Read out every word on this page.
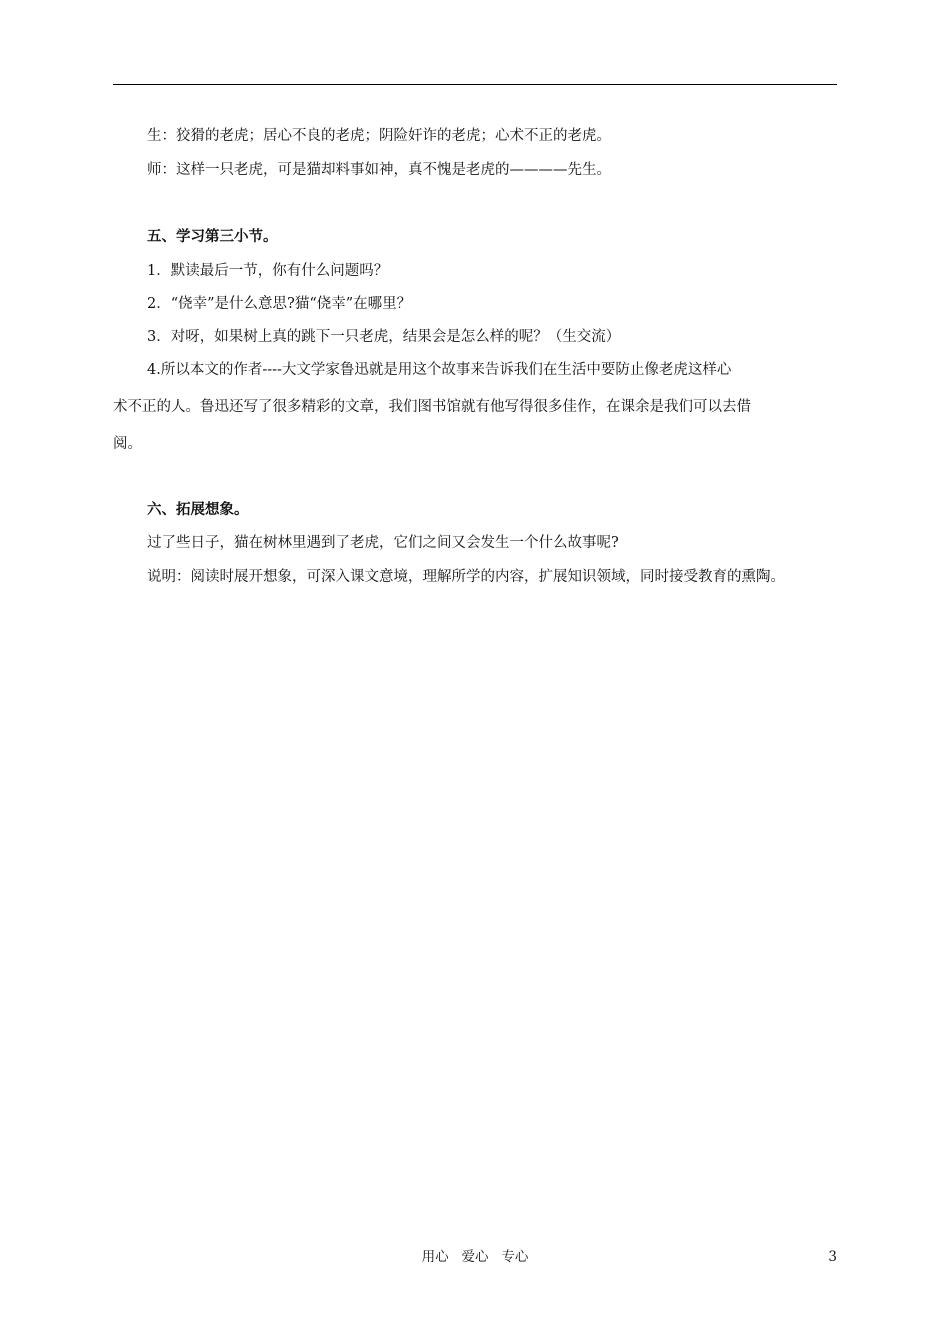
生：狡猾的老虎；居心不良的老虎；阴险奸诈的老虎；心术不正的老虎。
师：这样一只老虎，可是猫却料事如神，真不愧是老虎的————先生。
五、学习第三小节。
1．默读最后一节，你有什么问题吗？
2．“侥幸”是什么意思?猫“侥幸”在哪里？
3．对呀，如果树上真的跳下一只老虎，结果会是怎么样的呢？（生交流）
4.所以本文的作者----大文学家鲁迅就是用这个故事来告诉我们在生活中要防止像老虎这样心
术不正的人。鲁迅还写了很多精彩的文章，我们图书馆就有他写得很多佳作，在课余是我们可以去借
阅。
六、拓展想象。
过了些日子，猫在树林里遇到了老虎，它们之间又会发生一个什么故事呢?
说明：阅读时展开想象，可深入课文意境，理解所学的内容，扩展知识领域，同时接受教育的熏陶。
用心   爱心   专心	3
